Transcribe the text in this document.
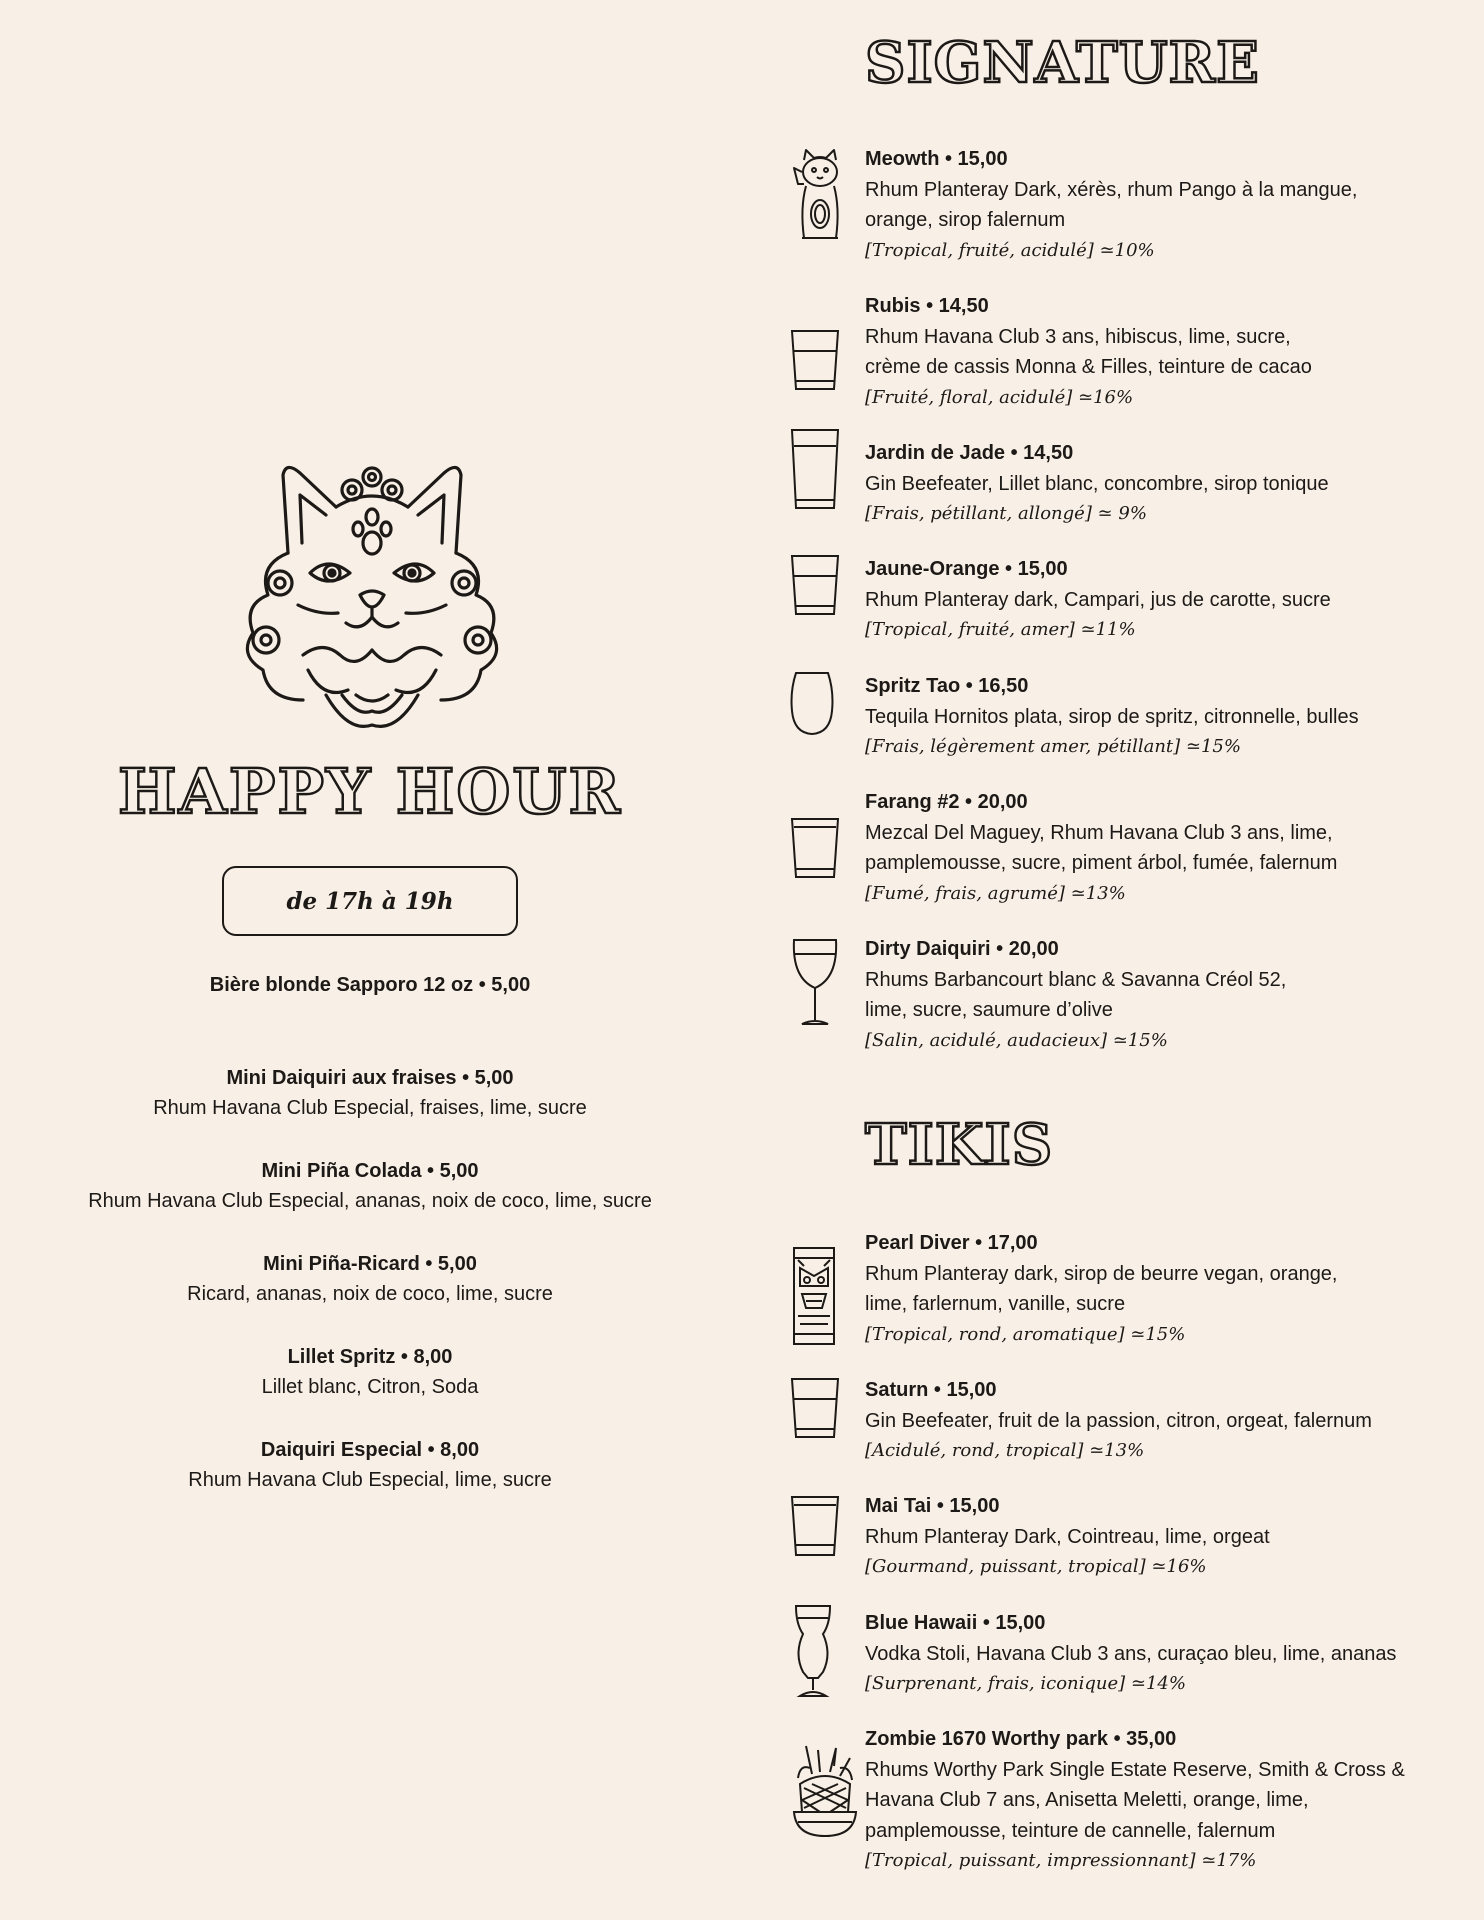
HAPPY HOUR
de 17h à 19h
Bière blonde Sapporo 12 oz • 5,00
Mini Daiquiri aux fraises • 5,00
Rhum Havana Club Especial, fraises, lime, sucre
Mini Piña Colada • 5,00
Rhum Havana Club Especial, ananas, noix de coco, lime, sucre
Mini Piña-Ricard • 5,00
Ricard, ananas, noix de coco, lime, sucre
Lillet Spritz • 8,00
Lillet blanc, Citron, Soda
Daiquiri Especial • 8,00
Rhum Havana Club Especial, lime, sucre
SIGNATURE
Meowth • 15,00
Rhum Planteray Dark, xérès, rhum Pango à la mangue,
orange, sirop falernum
[Tropical, fruité, acidulé] ≃10%
Rubis • 14,50
Rhum Havana Club 3 ans, hibiscus, lime, sucre,
crème de cassis Monna & Filles, teinture de cacao
[Fruité, floral, acidulé] ≃16%
Jardin de Jade • 14,50
Gin Beefeater, Lillet blanc, concombre, sirop tonique
[Frais, pétillant, allongé] ≃ 9%
Jaune-Orange • 15,00
Rhum Planteray dark, Campari, jus de carotte, sucre
[Tropical, fruité, amer] ≃11%
Spritz Tao • 16,50
Tequila Hornitos plata, sirop de spritz, citronnelle, bulles
[Frais, légèrement amer, pétillant] ≃15%
Farang #2 • 20,00
Mezcal Del Maguey, Rhum Havana Club 3 ans, lime,
pamplemousse, sucre, piment árbol, fumée, falernum
[Fumé, frais, agrumé] ≃13%
Dirty Daiquiri • 20,00
Rhums Barbancourt blanc & Savanna Créol 52,
lime, sucre, saumure d’olive
[Salin, acidulé, audacieux] ≃15%
TIKIS
Pearl Diver • 17,00
Rhum Planteray dark, sirop de beurre vegan, orange,
lime, farlernum, vanille, sucre
[Tropical, rond, aromatique] ≃15%
Saturn • 15,00
Gin Beefeater, fruit de la passion, citron, orgeat, falernum
[Acidulé, rond, tropical] ≃13%
Mai Tai • 15,00
Rhum Planteray Dark, Cointreau, lime, orgeat
[Gourmand, puissant, tropical] ≃16%
Blue Hawaii • 15,00
Vodka Stoli, Havana Club 3 ans, curaçao bleu, lime, ananas
[Surprenant, frais, iconique] ≃14%
Zombie 1670 Worthy park • 35,00
Rhums Worthy Park Single Estate Reserve, Smith & Cross &
Havana Club 7 ans, Anisetta Meletti, orange, lime,
pamplemousse, teinture de cannelle, falernum
[Tropical, puissant, impressionnant] ≃17%
